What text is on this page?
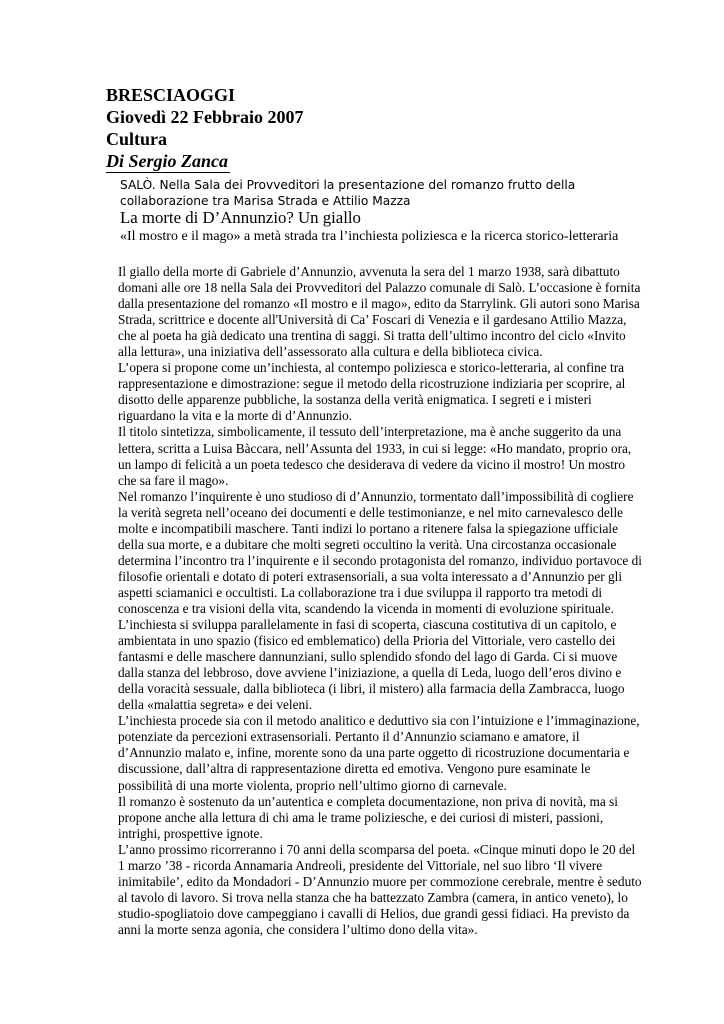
BRESCIAOGGI
Giovedì 22 Febbraio 2007
Cultura
Di Sergio Zanca
SALÒ. Nella Sala dei Provveditori la presentazione del romanzo frutto della
collaborazione tra Marisa Strada e Attilio Mazza
La morte di D’Annunzio? Un giallo
«Il mostro e il mago» a metà strada tra l’inchiesta poliziesca e la ricerca storico-letteraria
Il giallo della morte di Gabriele d’Annunzio, avvenuta la sera del 1 marzo 1938, sarà dibattuto
domani alle ore 18 nella Sala dei Provveditori del Palazzo comunale di Salò. L’occasione è fornita
dalla presentazione del romanzo «Il mostro e il mago», edito da Starrylink. Gli autori sono Marisa
Strada, scrittrice e docente all'Università di Ca’ Foscari di Venezia e il gardesano Attilio Mazza,
che al poeta ha già dedicato una trentina di saggi. Si tratta dell’ultimo incontro del ciclo «Invito
alla lettura», una iniziativa dell’assessorato alla cultura e della biblioteca civica.
L’opera si propone come un’inchiesta, al contempo poliziesca e storico-letteraria, al confine tra
rappresentazione e dimostrazione: segue il metodo della ricostruzione indiziaria per scoprire, al
disotto delle apparenze pubbliche, la sostanza della verità enigmatica. I segreti e i misteri
riguardano la vita e la morte di d’Annunzio.
Il titolo sintetizza, simbolicamente, il tessuto dell’interpretazione, ma è anche suggerito da una
lettera, scritta a Luisa Bàccara, nell’Assunta del 1933, in cui si legge: «Ho mandato, proprio ora,
un lampo di felicità a un poeta tedesco che desiderava di vedere da vicino il mostro! Un mostro
che sa fare il mago».
Nel romanzo l’inquirente è uno studioso di d’Annunzio, tormentato dall’impossibilità di cogliere
la verità segreta nell’oceano dei documenti e delle testimonianze, e nel mito carnevalesco delle
molte e incompatibili maschere. Tanti indizi lo portano a ritenere falsa la spiegazione ufficiale
della sua morte, e a dubitare che molti segreti occultino la verità. Una circostanza occasionale
determina l’incontro tra l’inquirente e il secondo protagonista del romanzo, individuo portavoce di
filosofie orientali e dotato di poteri extrasensoriali, a sua volta interessato a d’Annunzio per gli
aspetti sciamanici e occultisti. La collaborazione tra i due sviluppa il rapporto tra metodi di
conoscenza e tra visioni della vita, scandendo la vicenda in momenti di evoluzione spirituale.
L’inchiesta si sviluppa parallelamente in fasi di scoperta, ciascuna costitutiva di un capitolo, e
ambientata in uno spazio (fisico ed emblematico) della Prioria del Vittoriale, vero castello dei
fantasmi e delle maschere dannunziani, sullo splendido sfondo del lago di Garda. Ci si muove
dalla stanza del lebbroso, dove avviene l’iniziazione, a quella di Leda, luogo dell’eros divino e
della voracità sessuale, dalla biblioteca (i libri, il mistero) alla farmacia della Zambracca, luogo
della «malattia segreta» e dei veleni.
L’inchiesta procede sia con il metodo analitico e deduttivo sia con l’intuizione e l’immaginazione,
potenziate da percezioni extrasensoriali. Pertanto il d’Annunzio sciamano e amatore, il
d’Annunzio malato e, infine, morente sono da una parte oggetto di ricostruzione documentaria e
discussione, dall’altra di rappresentazione diretta ed emotiva. Vengono pure esaminate le
possibilità di una morte violenta, proprio nell’ultimo giorno di carnevale.
Il romanzo è sostenuto da un’autentica e completa documentazione, non priva di novità, ma si
propone anche alla lettura di chi ama le trame poliziesche, e dei curiosi di misteri, passioni,
intrighi, prospettive ignote.
L’anno prossimo ricorreranno i 70 anni della scomparsa del poeta. «Cinque minuti dopo le 20 del
1 marzo ’38 - ricorda Annamaria Andreoli, presidente del Vittoriale, nel suo libro ‘Il vivere
inimitabile’, edito da Mondadori - D’Annunzio muore per commozione cerebrale, mentre è seduto
al tavolo di lavoro. Si trova nella stanza che ha battezzato Zambra (camera, in antico veneto), lo
studio-spogliatoio dove campeggiano i cavalli di Helios, due grandi gessi fidiaci. Ha previsto da
anni la morte senza agonia, che considera l’ultimo dono della vita».
